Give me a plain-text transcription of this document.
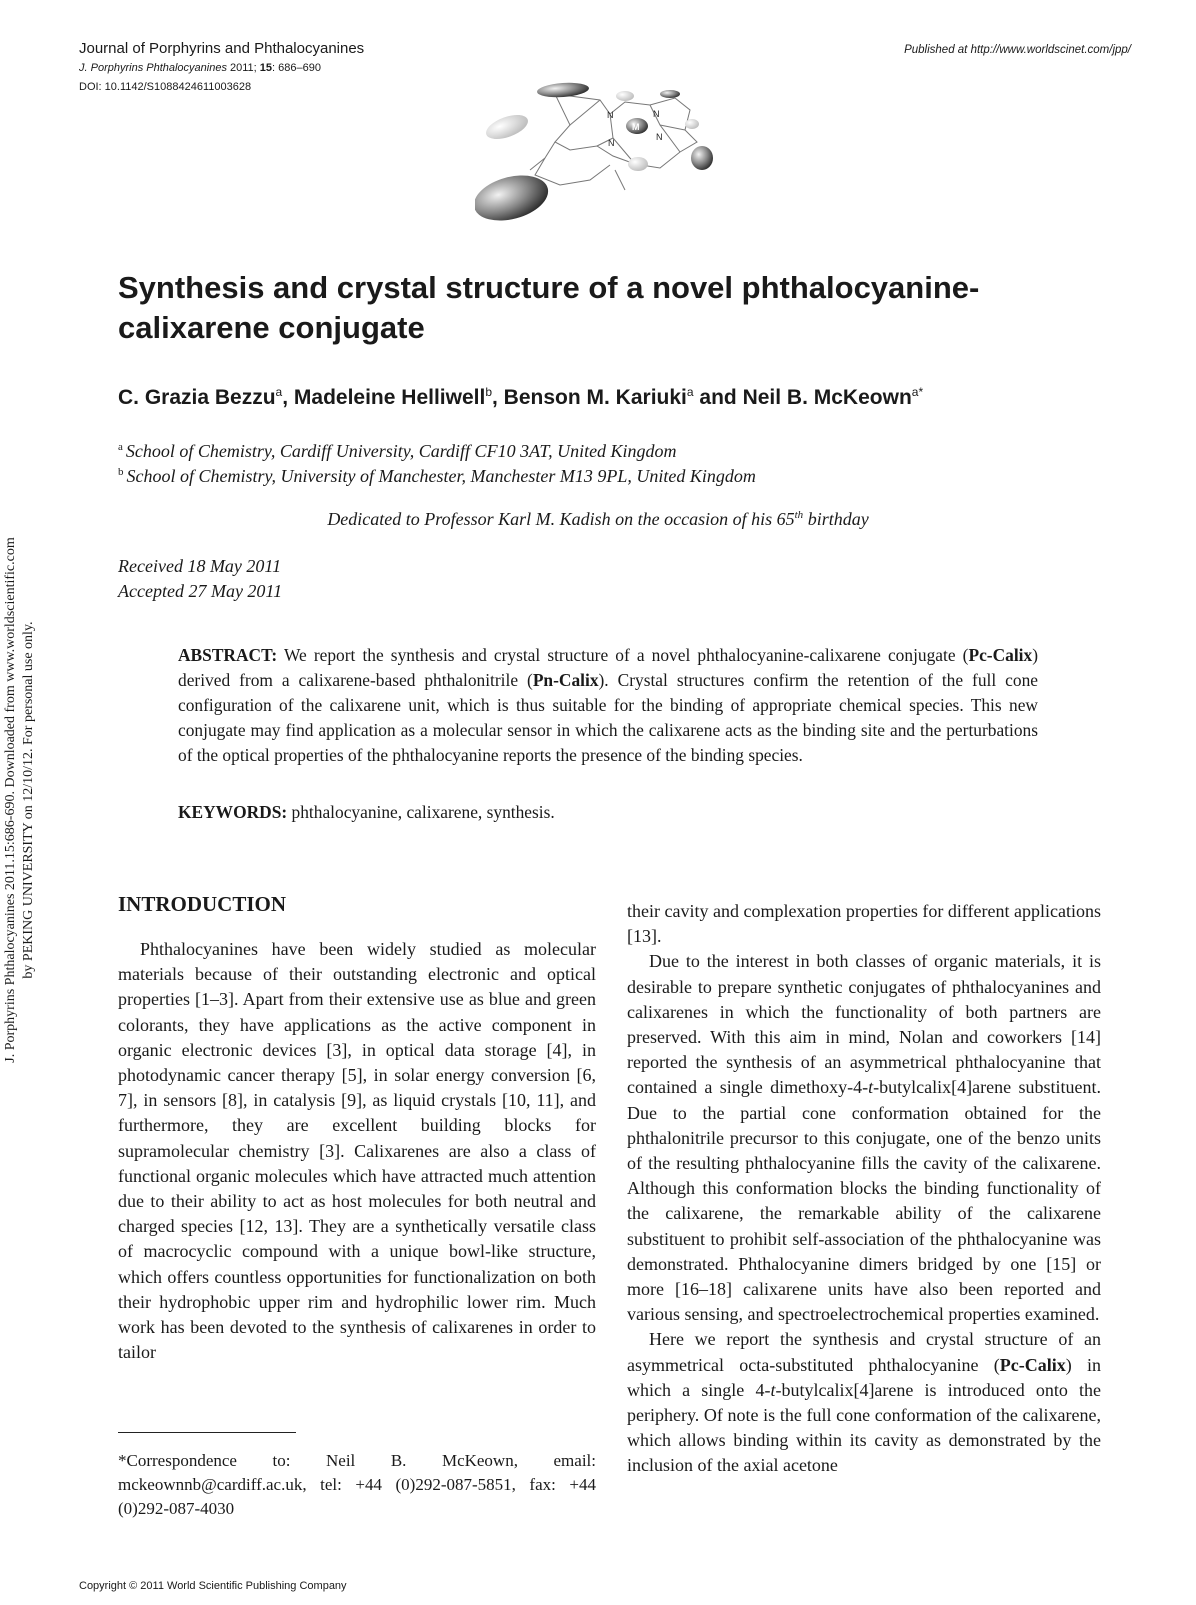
Journal of Porphyrins and Phthalocyanines
J. Porphyrins Phthalocyanines 2011; 15: 686–690
DOI: 10.1142/S1088424611003628
Published at http://www.worldscinet.com/jpp/
N	N
N
N
M
Synthesis and crystal structure of a novel phthalocyanine-calixarene conjugate
C. Grazia Bezzu$^a$, Madeleine Helliwell$^b$, Benson M. Kariuki$^a$ and Neil B. McKeown$^{a*}$
$^a$ School of Chemistry, Cardiff University, Cardiff CF10 3AT, United Kingdom
$^b$ School of Chemistry, University of Manchester, Manchester M13 9PL, United Kingdom
Dedicated to Professor Karl M. Kadish on the occasion of his 65th birthday
Received 18 May 2011
Accepted 27 May 2011
ABSTRACT: We report the synthesis and crystal structure of a novel phthalocyanine-calixarene conjugate (Pc-Calix) derived from a calixarene-based phthalonitrile (Pn-Calix). Crystal structures confirm the retention of the full cone configuration of the calixarene unit, which is thus suitable for the binding of appropriate chemical species. This new conjugate may find application as a molecular sensor in which the calixarene acts as the binding site and the perturbations of the optical properties of the phthalocyanine reports the presence of the binding species.
KEYWORDS: phthalocyanine, calixarene, synthesis.
J. Porphyrins Phthalocyanines 2011.15:686-690. Downloaded from www.worldscientific.com by PEKING UNIVERSITY on 12/10/12. For personal use only.	INTRODUCTION

Phthalocyanines have been widely studied as molecular materials because of their outstanding electronic and optical properties [1–3]. Apart from their extensive use as blue and green colorants, they have applications as the active component in organic electronic devices [3], in optical data storage [4], in photodynamic cancer therapy [5], in solar energy conversion [6, 7], in sensors [8], in catalysis [9], as liquid crystals [10, 11], and furthermore, they are excellent building blocks for supramolecular chemistry [3]. Calixarenes are also a class of functional organic molecules which have attracted much attention due to their ability to act as host molecules for both neutral and charged species [12, 13]. They are a synthetically versatile class of macrocyclic compound with a unique bowl-like structure, which offers countless opportunities for functionalization on both their hydrophobic upper rim and hydrophilic lower rim. Much work has been devoted to the synthesis of calixarenes in order to tailor

their cavity and complexation properties for different applications [13].

Due to the interest in both classes of organic materials, it is desirable to prepare synthetic conjugates of phthalocyanines and calixarenes in which the functionality of both partners are preserved. With this aim in mind, Nolan and coworkers [14] reported the synthesis of an asymmetrical phthalocyanine that contained a single dimethoxy-4-t-butylcalix[4]arene substituent. Due to the partial cone conformation obtained for the phthalonitrile precursor to this conjugate, one of the benzo units of the resulting phthalocyanine fills the cavity of the calixarene. Although this conformation blocks the binding functionality of the calixarene, the remarkable ability of the calixarene substituent to prohibit self-association of the phthalocyanine was demonstrated. Phthalocyanine dimers bridged by one [15] or more [16–18] calixarene units have also been reported and various sensing, and spectroelectrochemical properties examined.

Here we report the synthesis and crystal structure of an asymmetrical octa-substituted phthalocyanine (Pc-Calix) in which a single 4-t-butylcalix[4]arene is introduced onto the periphery. Of note is the full cone conformation of the calixarene, which allows binding within its cavity as demonstrated by the inclusion of the axial acetone

*Correspondence to: Neil B. McKeown, email: mckeownnb@cardiff.ac.uk, tel: +44 (0)292-087-5851, fax: +44 (0)292-087-4030
Copyright © 2011 World Scientific Publishing Company
